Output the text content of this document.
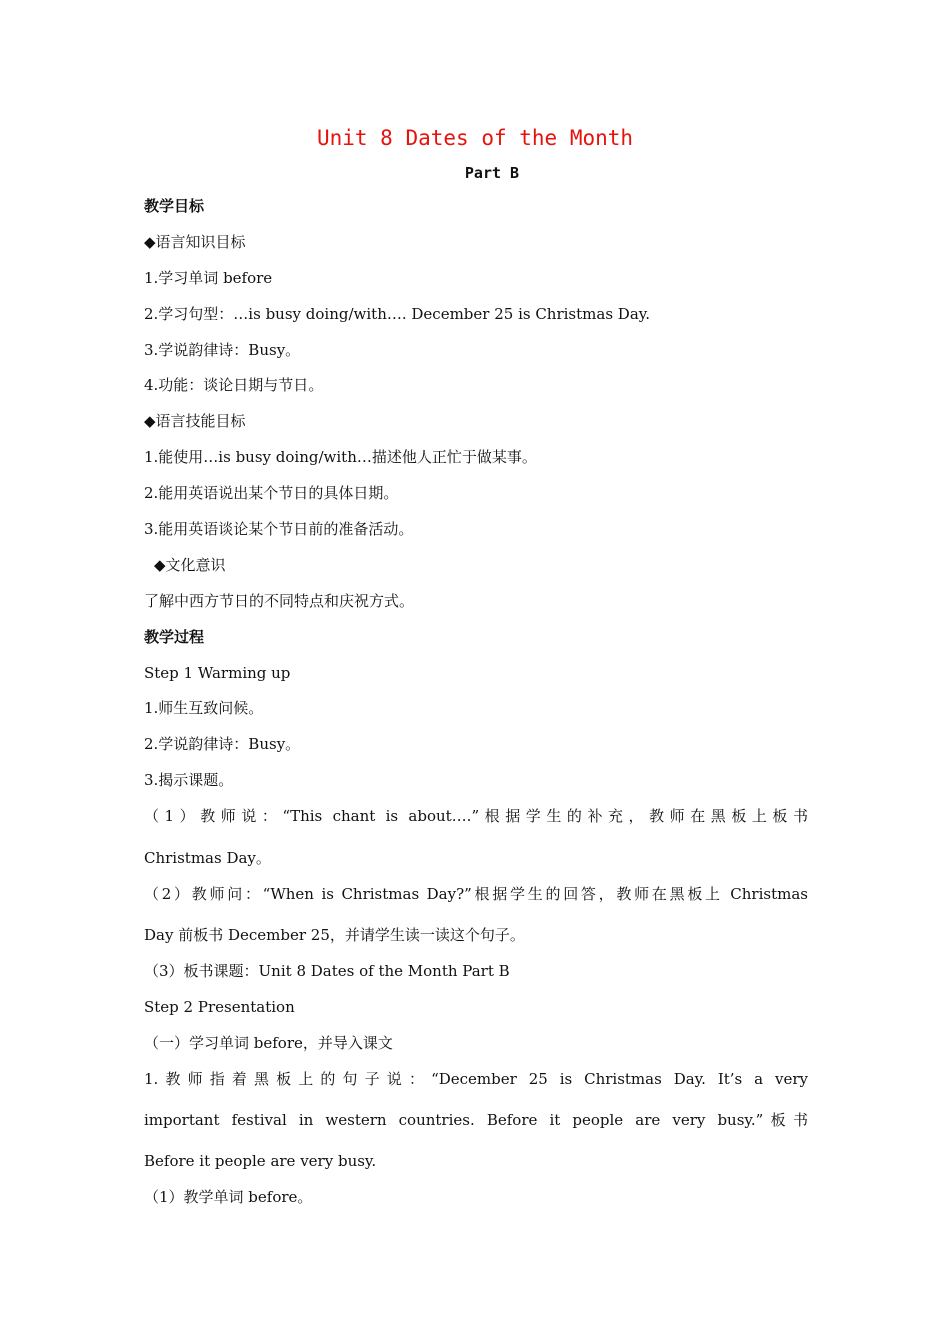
Unit 8 Dates of the Month
Part B
教学目标
◆语言知识目标
1.学习单词 before
2.学习句型：…is busy doing/with…. December 25 is Christmas Day.
3.学说韵律诗：Busy。
4.功能：谈论日期与节日。
◆语言技能目标
1.能使用…is busy doing/with…描述他人正忙于做某事。
2.能用英语说出某个节日的具体日期。
3.能用英语谈论某个节日前的准备活动。
◆文化意识
了解中西方节日的不同特点和庆祝方式。
教学过程
Step 1 Warming up
1.师生互致问候。
2.学说韵律诗：Busy。
3.揭示课题。
（1）教师说：“This chant is about….”根据学生的补充，教师在黑板上板书
Christmas Day。
（2）教师问：“When is Christmas Day?”根据学生的回答，教师在黑板上 Christmas
Day 前板书 December 25，并请学生读一读这个句子。
（3）板书课题：Unit 8 Dates of the Month Part B
Step 2 Presentation
（一）学习单词 before，并导入课文
1.教师指着黑板上的句子说：“December 25 is Christmas Day. It’s a very
important festival in western countries. Before it people are very busy.”板书
Before it people are very busy.
（1）教学单词 before。
